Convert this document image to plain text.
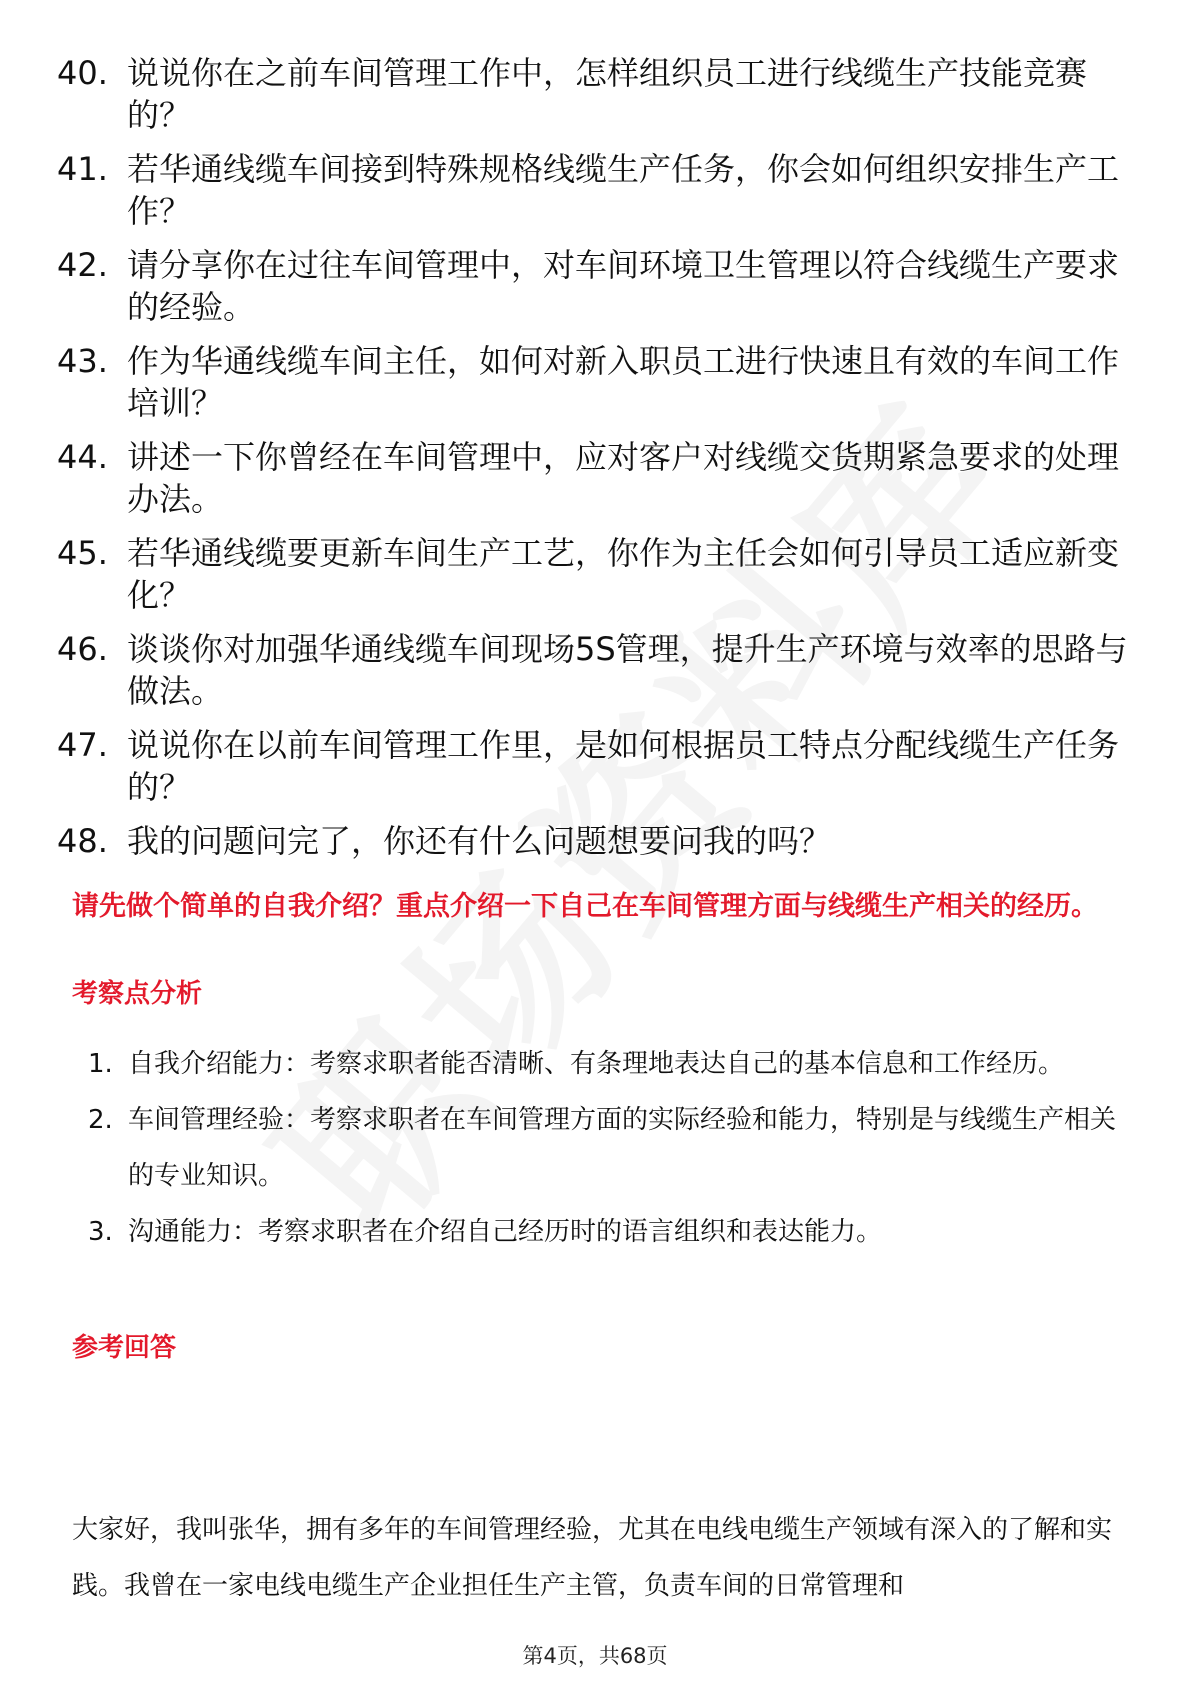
40. 说说你在之前车间管理工作中，怎样组织员工进行线缆生产技能竞赛的？
41. 若华通线缆车间接到特殊规格线缆生产任务，你会如何组织安排生产工作？
42. 请分享你在过往车间管理中，对车间环境卫生管理以符合线缆生产要求的经验。
43. 作为华通线缆车间主任，如何对新入职员工进行快速且有效的车间工作培训？
44. 讲述一下你曾经在车间管理中，应对客户对线缆交货期紧急要求的处理办法。
45. 若华通线缆要更新车间生产工艺，你作为主任会如何引导员工适应新变化？
46. 谈谈你对加强华通线缆车间现场5S管理，提升生产环境与效率的思路与做法。
47. 说说你在以前车间管理工作里，是如何根据员工特点分配线缆生产任务的？
48. 我的问题问完了，你还有什么问题想要问我的吗？
请先做个简单的自我介绍？重点介绍一下自己在车间管理方面与线缆生产相关的经历。
考察点分析
1. 自我介绍能力：考察求职者能否清晰、有条理地表达自己的基本信息和工作经历。
2. 车间管理经验：考察求职者在车间管理方面的实际经验和能力，特别是与线缆生产相关的专业知识。
3. 沟通能力：考察求职者在介绍自己经历时的语言组织和表达能力。
参考回答

大家好，我叫张华，拥有多年的车间管理经验，尤其在电线电缆生产领域有深入的了解和实践。我曾在一家电线电缆生产企业担任生产主管，负责车间的日常管理和

第4页，共68页
